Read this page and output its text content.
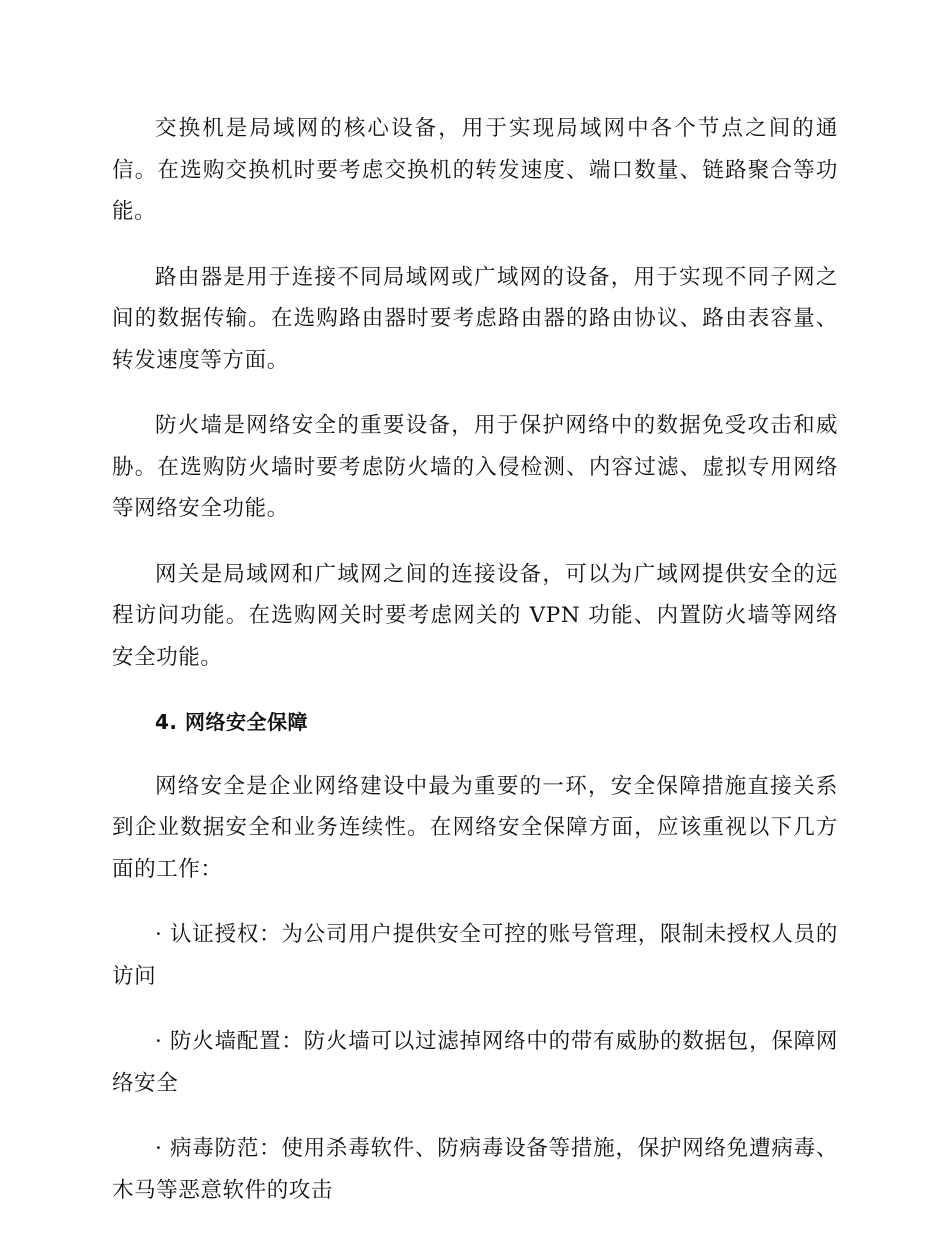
交换机是局域网的核心设备，用于实现局域网中各个节点之间的通信。在选购交换机时要考虑交换机的转发速度、端口数量、链路聚合等功能。

路由器是用于连接不同局域网或广域网的设备，用于实现不同子网之间的数据传输。在选购路由器时要考虑路由器的路由协议、路由表容量、转发速度等方面。

防火墙是网络安全的重要设备，用于保护网络中的数据免受攻击和威胁。在选购防火墙时要考虑防火墙的入侵检测、内容过滤、虚拟专用网络等网络安全功能。

网关是局域网和广域网之间的连接设备，可以为广域网提供安全的远程访问功能。在选购网关时要考虑网关的 VPN 功能、内置防火墙等网络安全功能。

4. 网络安全保障

网络安全是企业网络建设中最为重要的一环，安全保障措施直接关系到企业数据安全和业务连续性。在网络安全保障方面，应该重视以下几方面的工作：

· 认证授权：为公司用户提供安全可控的账号管理，限制未授权人员的访问

· 防火墙配置：防火墙可以过滤掉网络中的带有威胁的数据包，保障网络安全

· 病毒防范：使用杀毒软件、防病毒设备等措施，保护网络免遭病毒、木马等恶意软件的攻击
